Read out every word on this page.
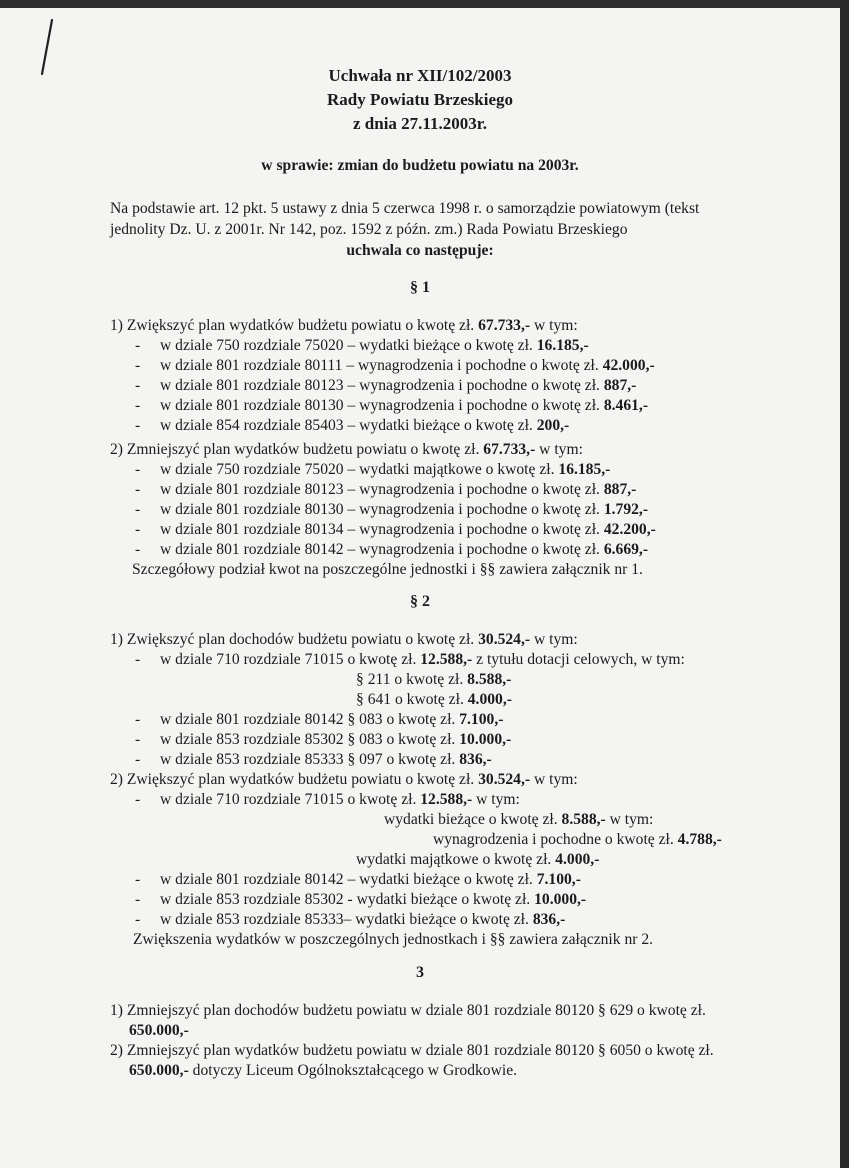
Uchwała nr XII/102/2003
Rady Powiatu Brzeskiego
z dnia 27.11.2003r.
w sprawie: zmian do budżetu powiatu na 2003r.
Na podstawie art. 12 pkt. 5 ustawy z dnia 5 czerwca 1998 r. o samorządzie powiatowym (tekst
jednolity Dz. U. z 2001r. Nr 142, poz. 1592 z późn. zm.) Rada Powiatu Brzeskiego
uchwala co następuje:
§ 1
1) Zwiększyć plan wydatków budżetu powiatu o kwotę zł. 67.733,- w tym:
- w dziale 750 rozdziale 75020 – wydatki bieżące o kwotę zł. 16.185,-
- w dziale 801 rozdziale 80111 – wynagrodzenia i pochodne o kwotę zł. 42.000,-
- w dziale 801 rozdziale 80123 – wynagrodzenia i pochodne o kwotę zł. 887,-
- w dziale 801 rozdziale 80130 – wynagrodzenia i pochodne o kwotę zł. 8.461,-
- w dziale 854 rozdziale 85403 – wydatki bieżące o kwotę zł. 200,-
2) Zmniejszyć plan wydatków budżetu powiatu o kwotę zł. 67.733,- w tym:
- w dziale 750 rozdziale 75020 – wydatki majątkowe o kwotę zł. 16.185,-
- w dziale 801 rozdziale 80123 – wynagrodzenia i pochodne o kwotę zł. 887,-
- w dziale 801 rozdziale 80130 – wynagrodzenia i pochodne o kwotę zł. 1.792,-
- w dziale 801 rozdziale 80134 – wynagrodzenia i pochodne o kwotę zł. 42.200,-
- w dziale 801 rozdziale 80142 – wynagrodzenia i pochodne o kwotę zł. 6.669,-
Szczegółowy podział kwot na poszczególne jednostki i §§ zawiera załącznik nr 1.
§ 2
1) Zwiększyć plan dochodów budżetu powiatu o kwotę zł. 30.524,- w tym:
- w dziale 710 rozdziale 71015 o kwotę zł. 12.588,- z tytułu dotacji celowych, w tym:
§ 211 o kwotę zł. 8.588,-
§ 641 o kwotę zł. 4.000,-
- w dziale 801 rozdziale 80142 § 083 o kwotę zł. 7.100,-
- w dziale 853 rozdziale 85302 § 083 o kwotę zł. 10.000,-
- w dziale 853 rozdziale 85333 § 097 o kwotę zł. 836,-
2) Zwiększyć plan wydatków budżetu powiatu o kwotę zł. 30.524,- w tym:
- w dziale 710 rozdziale 71015 o kwotę zł. 12.588,- w tym:
wydatki bieżące o kwotę zł. 8.588,- w tym:
wynagrodzenia i pochodne o kwotę zł. 4.788,-
wydatki majątkowe o kwotę zł. 4.000,-
- w dziale 801 rozdziale 80142 – wydatki bieżące o kwotę zł. 7.100,-
- w dziale 853 rozdziale 85302 - wydatki bieżące o kwotę zł. 10.000,-
- w dziale 853 rozdziale 85333– wydatki bieżące o kwotę zł. 836,-
Zwiększenia wydatków w poszczególnych jednostkach i §§ zawiera załącznik nr 2.
3
1) Zmniejszyć plan dochodów budżetu powiatu w dziale 801 rozdziale 80120 § 629 o kwotę zł.
650.000,-
2) Zmniejszyć plan wydatków budżetu powiatu w dziale 801 rozdziale 80120 § 6050 o kwotę zł.
650.000,- dotyczy Liceum Ogólnokształcącego w Grodkowie.
